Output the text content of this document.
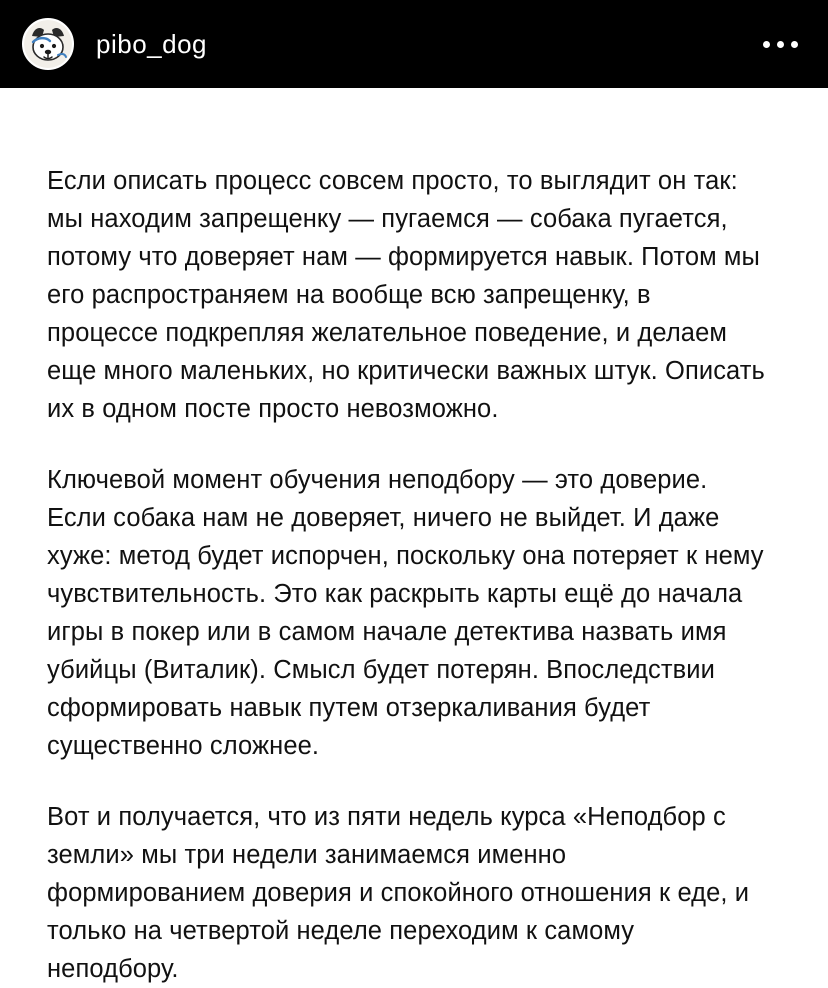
pibo_dog

Если описать процесс совсем просто, то выглядит он так: мы находим запрещенку — пугаемся — собака пугается, потому что доверяет нам — формируется навык. Потом мы его распространяем на вообще всю запрещенку, в процессе подкрепляя желательное поведение, и делаем еще много маленьких, но критически важных штук. Описать их в одном посте просто невозможно.

Ключевой момент обучения неподбору — это доверие. Если собака нам не доверяет, ничего не выйдет. И даже хуже: метод будет испорчен, поскольку она потеряет к нему чувствительность. Это как раскрыть карты ещё до начала игры в покер или в самом начале детектива назвать имя убийцы (Виталик). Смысл будет потерян. Впоследствии сформировать навык путем отзеркаливания будет существенно сложнее.

Вот и получается, что из пяти недель курса «Неподбор с земли» мы три недели занимаемся именно формированием доверия и спокойного отношения к еде, и только на четвертой неделе переходим к самому неподбору.
